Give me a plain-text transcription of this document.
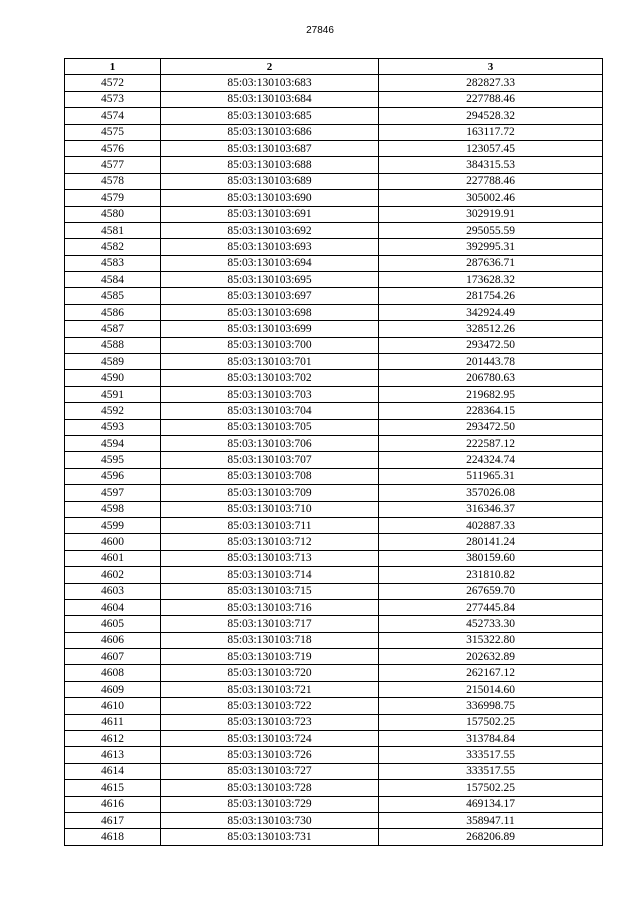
27846
1	2	3
4572	85:03:130103:683	282827.33
4573	85:03:130103:684	227788.46
4574	85:03:130103:685	294528.32
4575	85:03:130103:686	163117.72
4576	85:03:130103:687	123057.45
4577	85:03:130103:688	384315.53
4578	85:03:130103:689	227788.46
4579	85:03:130103:690	305002.46
4580	85:03:130103:691	302919.91
4581	85:03:130103:692	295055.59
4582	85:03:130103:693	392995.31
4583	85:03:130103:694	287636.71
4584	85:03:130103:695	173628.32
4585	85:03:130103:697	281754.26
4586	85:03:130103:698	342924.49
4587	85:03:130103:699	328512.26
4588	85:03:130103:700	293472.50
4589	85:03:130103:701	201443.78
4590	85:03:130103:702	206780.63
4591	85:03:130103:703	219682.95
4592	85:03:130103:704	228364.15
4593	85:03:130103:705	293472.50
4594	85:03:130103:706	222587.12
4595	85:03:130103:707	224324.74
4596	85:03:130103:708	511965.31
4597	85:03:130103:709	357026.08
4598	85:03:130103:710	316346.37
4599	85:03:130103:711	402887.33
4600	85:03:130103:712	280141.24
4601	85:03:130103:713	380159.60
4602	85:03:130103:714	231810.82
4603	85:03:130103:715	267659.70
4604	85:03:130103:716	277445.84
4605	85:03:130103:717	452733.30
4606	85:03:130103:718	315322.80
4607	85:03:130103:719	202632.89
4608	85:03:130103:720	262167.12
4609	85:03:130103:721	215014.60
4610	85:03:130103:722	336998.75
4611	85:03:130103:723	157502.25
4612	85:03:130103:724	313784.84
4613	85:03:130103:726	333517.55
4614	85:03:130103:727	333517.55
4615	85:03:130103:728	157502.25
4616	85:03:130103:729	469134.17
4617	85:03:130103:730	358947.11
4618	85:03:130103:731	268206.89
